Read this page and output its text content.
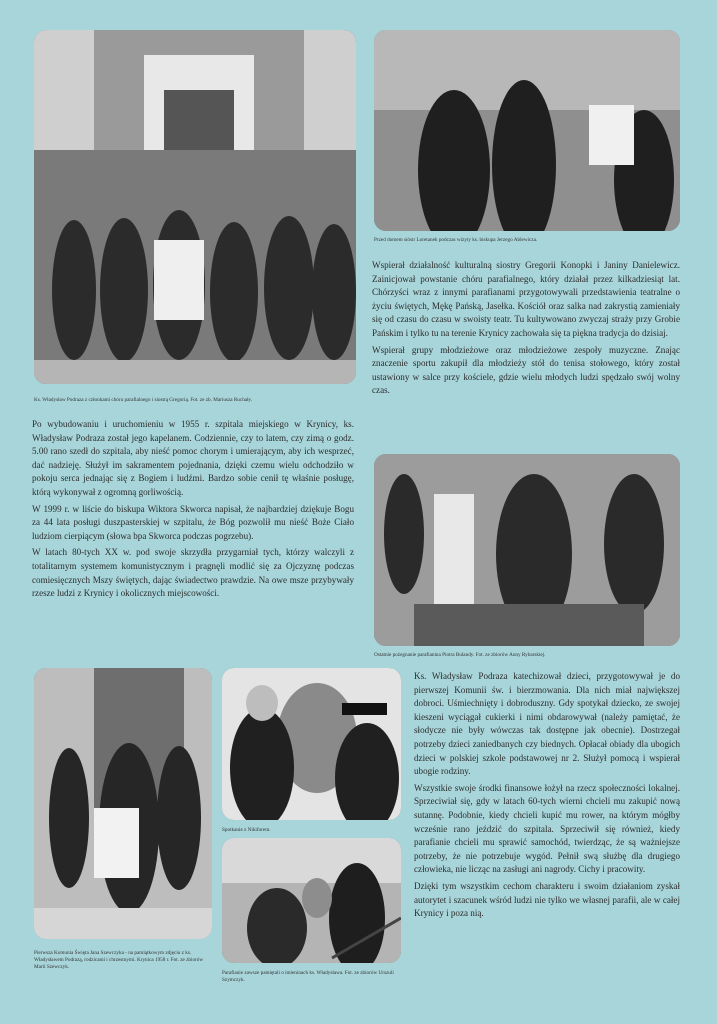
Ks. Władysław Podraza z członkami chóru parafialnego i siostrą Gregorią. Fot. ze zb. Mariusza Ruchały.
Przed domem sióstr Loretanek podczas wizyty ks. biskupa Jerzego Ablewicza.

Wspierał działalność kulturalną siostry Gregorii Konopki i Janiny Danielewicz. Zainicjował powstanie chóru parafialnego, który działał przez kilkadziesiąt lat. Chórzyści wraz z innymi parafianami przygotowywali przedstawienia teatralne o życiu świętych, Mękę Pańską, Jasełka. Kościół oraz salka nad zakrystią zamieniały się od czasu do czasu w swoisty teatr. Tu kultywowano zwyczaj straży przy Grobie Pańskim i tylko tu na terenie Krynicy zachowała się ta piękna tradycja do dzisiaj.

Wspierał grupy młodzieżowe oraz młodzieżowe zespoły muzyczne. Znając znaczenie sportu zakupił dla młodzieży stół do tenisa stołowego, który został ustawiony w salce przy kościele, gdzie wielu młodych ludzi spędzało swój wolny czas.

Po wybudowaniu i uruchomieniu w 1955 r. szpitala miejskiego w Krynicy, ks. Władysław Podraza został jego kapelanem. Codziennie, czy to latem, czy zimą o godz. 5.00 rano szedł do szpitala, aby nieść pomoc chorym i umierającym, aby ich wesprzeć, dać nadzieję. Służył im sakramentem pojednania, dzięki czemu wielu odchodziło w pokoju serca jednając się z Bogiem i ludźmi. Bardzo sobie cenił tę właśnie posługę, którą wykonywał z ogromną gorliwością.

W 1999 r. w liście do biskupa Wiktora Skworca napisał, że najbardziej dziękuje Bogu za 44 lata posługi duszpasterskiej w szpitalu, że Bóg pozwolił mu nieść Boże Ciało ludziom cierpiącym (słowa bpa Skworca podczas pogrzebu).

W latach 80-tych XX w. pod swoje skrzydła przygarniał tych, którzy walczyli z totalitarnym systemem komunistycznym i pragnęli modlić się za Ojczyznę podczas comiesięcznych Mszy świętych, dając świadectwo prawdzie. Na owe msze przybywały rzesze ludzi z Krynicy i okolicznych miejscowości.

Ostatnie pożegnanie parafianina Piotra Bulandy. Fot. ze zbiorów Anny Rybarskiej.
Pierwsza Komunia Święta Jana Szewczyka - na pamiątkowym zdjęciu z ks. Władysławem Podrazą, rodzicami i chrzestnymi. Krynica 1958 r. Fot. ze zbiorów Marii Szewczyk.
Spotkanie z Nikiforem.
Parafianie zawsze pamiętali o imieninach ks. Władysława. Fot. ze zbiorów Urszuli Szymczyk.

Ks. Władysław Podraza katechizował dzieci, przygotowywał je do pierwszej Komunii św. i bierzmowania. Dla nich miał największej dobroci. Uśmiechnięty i dobroduszny. Gdy spotykał dziecko, ze swojej kieszeni wyciągał cukierki i nimi obdarowywał (należy pamiętać, że słodycze nie były wówczas tak dostępne jak obecnie). Dostrzegał potrzeby dzieci zaniedbanych czy biednych. Opłacał obiady dla ubogich dzieci w polskiej szkole podstawowej nr 2. Służył pomocą i wspierał ubogie rodziny.

Wszystkie swoje środki finansowe łożył na rzecz społeczności lokalnej. Sprzeciwiał się, gdy w latach 60-tych wierni chcieli mu zakupić nową sutannę. Podobnie, kiedy chcieli kupić mu rower, na którym mógłby wcześnie rano jeździć do szpitala. Sprzeciwił się również, kiedy parafianie chcieli mu sprawić samochód, twierdząc, że są ważniejsze potrzeby, że nie potrzebuje wygód. Pełnił swą służbę dla drugiego człowieka, nie licząc na zasługi ani nagrody. Cichy i pracowity.

Dzięki tym wszystkim cechom charakteru i swoim działaniom zyskał autorytet i szacunek wśród ludzi nie tylko we własnej parafii, ale w całej Krynicy i poza nią.
